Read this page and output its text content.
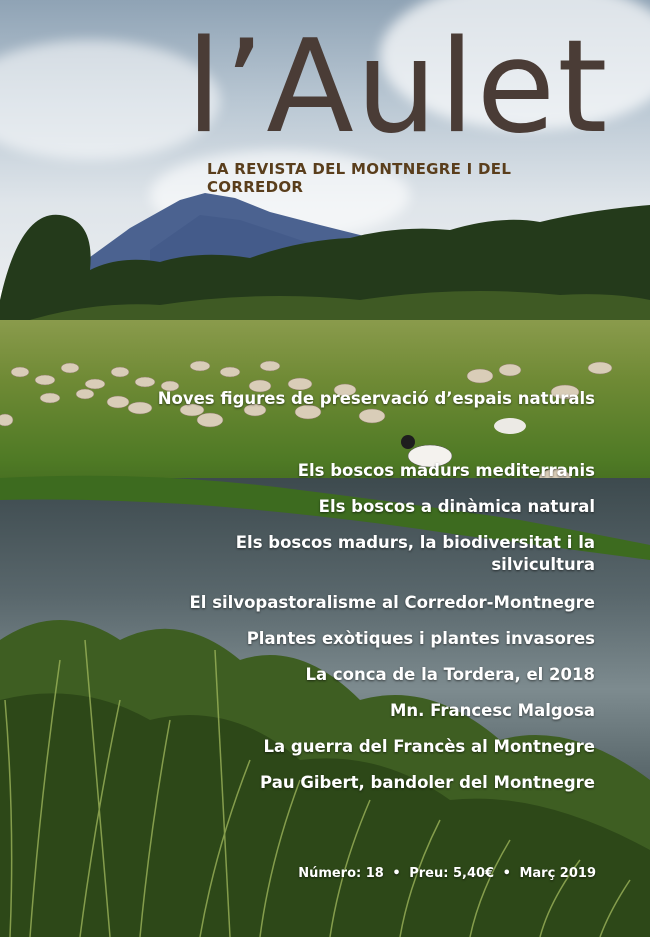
l’Aulet
LA REVISTA DEL MONTNEGRE I DEL CORREDOR
Noves figures de preservació d’espais naturals
Els boscos madurs mediterranis
Els boscos a dinàmica natural
Els boscos madurs, la biodiversitat i la silvicultura
El silvopastoralisme al Corredor-Montnegre
Plantes exòtiques i plantes invasores
La conca de la Tordera, el 2018
Mn. Francesc Malgosa
La guerra del Francès al Montnegre
Pau Gibert, bandoler del Montnegre
Número: 18 • Preu: 5,40€ • Març 2019
